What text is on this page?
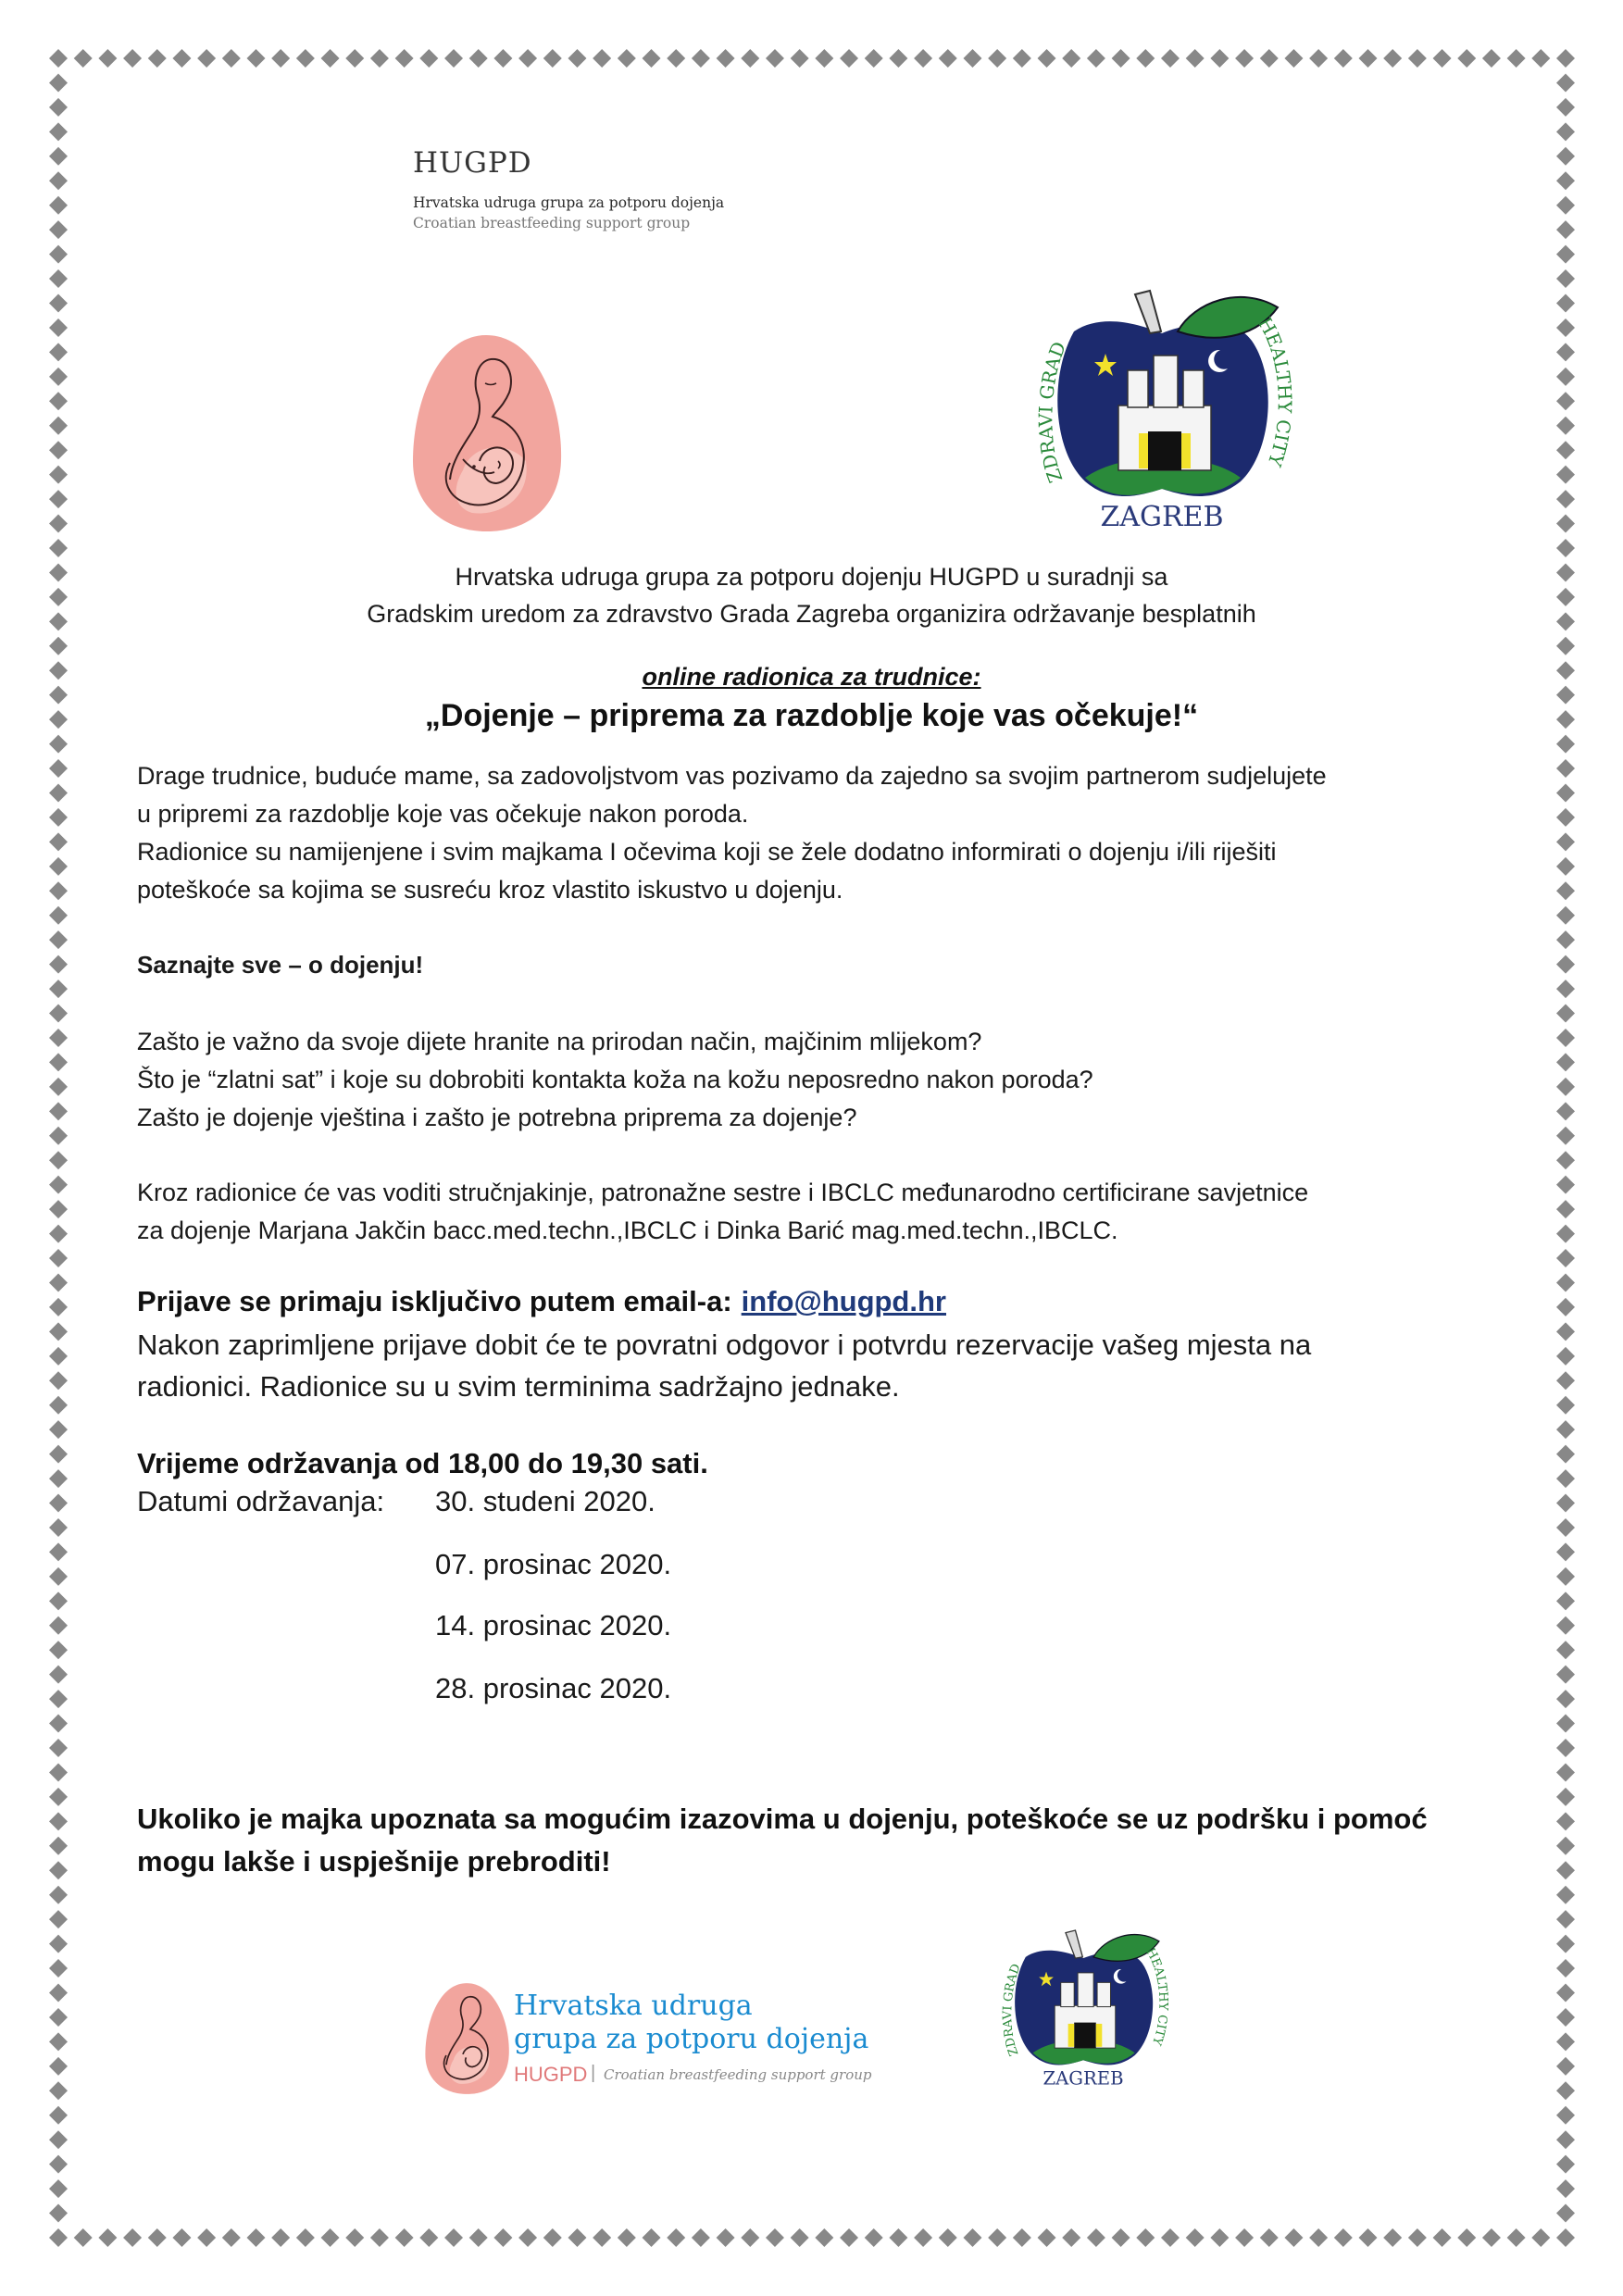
HUGPD
Hrvatska udruga grupa za potporu dojenja
Croatian breastfeeding support group
ZDRAVI GRAD
HEALTHY CITY
ZAGREB
Hrvatska udruga grupa za potporu dojenju HUGPD u suradnji sa
Gradskim uredom za zdravstvo Grada Zagreba organizira održavanje besplatnih
online radionica za trudnice:
„Dojenje – priprema za razdoblje koje vas očekuje!“
Drage trudnice, buduće mame, sa zadovoljstvom vas pozivamo da zajedno sa svojim partnerom sudjelujete
u pripremi za razdoblje koje vas očekuje nakon poroda.
Radionice su namijenjene i svim majkama I očevima koji se žele dodatno informirati o dojenju i/ili riješiti
poteškoće sa kojima se susreću kroz vlastito iskustvo u dojenju.
Saznajte sve – o dojenju!
Zašto je važno da svoje dijete hranite na prirodan način, majčinim mlijekom?
Što je “zlatni sat” i koje su dobrobiti kontakta koža na kožu neposredno nakon poroda?
Zašto je dojenje vještina i zašto je potrebna priprema za dojenje?
Kroz radionice će vas voditi stručnjakinje, patronažne sestre i IBCLC međunarodno certificirane savjetnice
za dojenje Marjana Jakčin bacc.med.techn.,IBCLC i Dinka Barić mag.med.techn.,IBCLC.
Prijave se primaju isključivo putem email-a: info@hugpd.hr
Nakon zaprimljene prijave dobit će te povratni odgovor i potvrdu rezervacije vašeg mjesta na
radionici. Radionice su u svim terminima sadržajno jednake.
Vrijeme održavanja od 18,00 do 19,30 sati.
Datumi održavanja: 30. studeni 2020.
07. prosinac 2020.
14. prosinac 2020.
28. prosinac 2020.
Ukoliko je majka upoznata sa mogućim izazovima u dojenju, poteškoće se uz podršku i pomoć
mogu lakše i uspješnije prebroditi!
Hrvatska udruga
grupa za potporu dojenja
HUGPD | Croatian breastfeeding support group
ZDRAVI GRAD
HEALTHY CITY
ZAGREB
